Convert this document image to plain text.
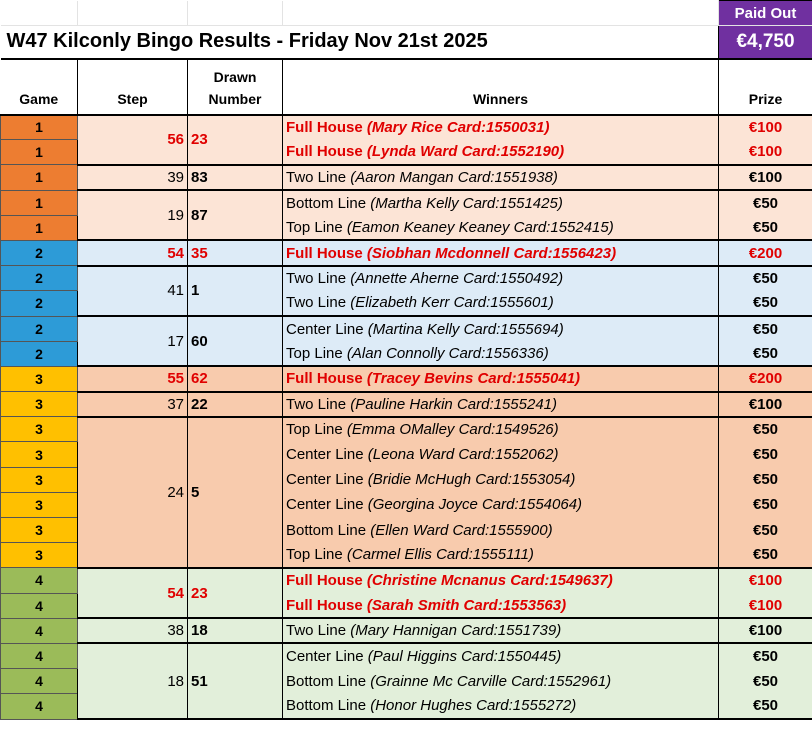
				Paid Out
W47 Kilconly Bingo Results - Friday Nov 21st 2025				€4,750
Game	Step	Drawn Number	Winners	Prize
1	56	23	Full House (Mary Rice Card:1550031)	€100
1			Full House (Lynda Ward Card:1552190)	€100
1	39	83	Two Line (Aaron Mangan Card:1551938)	€100
1	19	87	Bottom Line (Martha Kelly Card:1551425)	€50
1			Top Line (Eamon Keaney Keaney Card:1552415)	€50
2	54	35	Full House (Siobhan Mcdonnell Card:1556423)	€200
2	41	1	Two Line (Annette Aherne Card:1550492)	€50
2			Two Line (Elizabeth Kerr Card:1555601)	€50
2	17	60	Center Line (Martina Kelly Card:1555694)	€50
2			Top Line (Alan Connolly Card:1556336)	€50
3	55	62	Full House (Tracey Bevins Card:1555041)	€200
3	37	22	Two Line (Pauline Harkin Card:1555241)	€100
3	24	5	Top Line (Emma OMalley Card:1549526)	€50
3			Center Line (Leona Ward Card:1552062)	€50
3			Center Line (Bridie McHugh Card:1553054)	€50
3			Center Line (Georgina Joyce Card:1554064)	€50
3			Bottom Line (Ellen Ward Card:1555900)	€50
3			Top Line (Carmel Ellis Card:1555111)	€50
4	54	23	Full House (Christine Mcnanus Card:1549637)	€100
4			Full House (Sarah Smith Card:1553563)	€100
4	38	18	Two Line (Mary Hannigan Card:1551739)	€100
4	18	51	Center Line (Paul Higgins Card:1550445)	€50
4			Bottom Line (Grainne Mc Carville Card:1552961)	€50
4			Bottom Line (Honor Hughes Card:1555272)	€50
